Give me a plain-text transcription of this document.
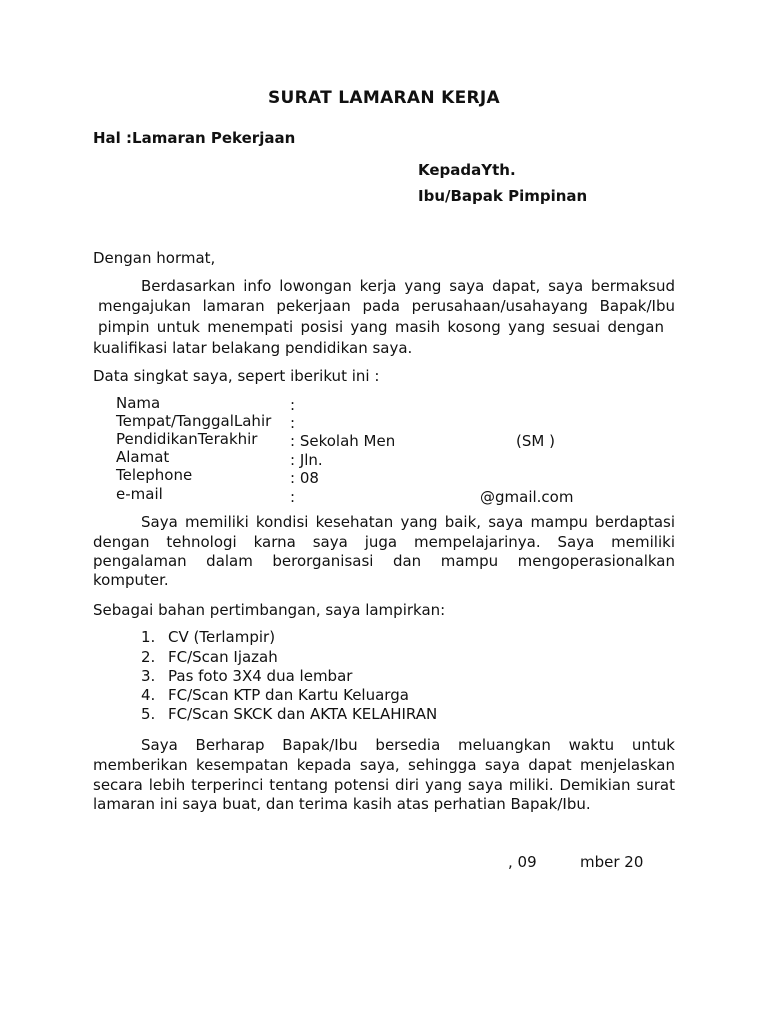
SURAT LAMARAN KERJA

Hal :Lamaran Pekerjaan

KepadaYth.

Ibu/Bapak Pimpinan

Dengan hormat,

Berdasarkan info lowongan kerja yang saya dapat, saya bermaksud

mengajukan lamaran pekerjaan pada perusahaan/usahayang Bapak/Ibu

pimpin untuk menempati posisi yang masih kosong yang sesuai dengan

kualifikasi latar belakang pendidikan saya.

Data singkat saya, sepert iberikut ini :

Nama	:
Tempat/TanggalLahir :
PendidikanTerakhir : Sekolah Men	(SM )
Alamat	: Jln.
Telephone	: 08
e-mail	:	@gmail.com

Saya memiliki kondisi kesehatan yang baik, saya mampu berdaptasi

dengan tehnologi karna saya juga mempelajarinya. Saya memiliki

pengalaman dalam berorganisasi dan mampu mengoperasionalkan

komputer.

Sebagai bahan pertimbangan, saya lampirkan:

1. CV (Terlampir)
2. FC/Scan Ijazah
3. Pas foto 3X4 dua lembar
4. FC/Scan KTP dan Kartu Keluarga
5. FC/Scan SKCK dan AKTA KELAHIRAN

Saya Berharap Bapak/Ibu bersedia meluangkan waktu untuk

memberikan kesempatan kepada saya, sehingga saya dapat menjelaskan

secara lebih terperinci tentang potensi diri yang saya miliki. Demikian surat

lamaran ini saya buat, dan terima kasih atas perhatian Bapak/Ibu.

, 09	mber 20
